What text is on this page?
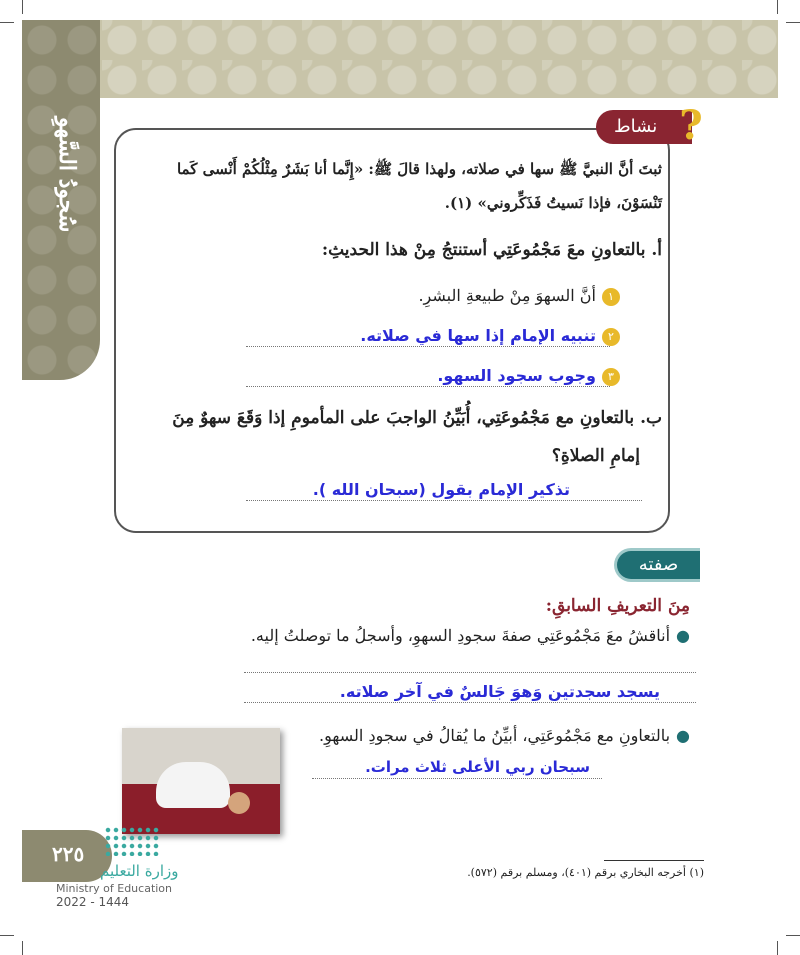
سُجودُ السَّهوِ	نشاط ?
ثبتَ أنَّ النبيَّ ﷺ سها في صلاته، ولهذا قالَ ﷺ: «إِنَّما أنا بَشَرٌ مِثْلُكُمْ أَنْسى كَما
تَنْسَوْنَ، فإذا نَسيتُ فَذَكِّروني» (١).
أ. بالتعاونِ معَ مَجْمُوعَتِي أستنتجُ مِنْ هذا الحديثِ:
١أنَّ السهوَ مِنْ طبيعةِ البشرِ.
٢تنبيه الإمام إذا سها في صلاته.
٣وجوب سجود السهو.
ب. بالتعاونِ مع مَجْمُوعَتِي، أُبَيِّنُ الواجبَ على المأمومِ إذا وَقَعَ سهوٌ مِنَ
إمامِ الصلاةِ؟
تذكير الإمام بقول (سبحان الله ).
صفته
مِنَ التعريفِ السابقِ:
●أناقشُ معَ مَجْمُوعَتِي صفةَ سجودِ السهوِ، وأسجلُ ما توصلتُ إليه.
يسجد سجدتين وَهوَ جَالسٌ في آخر صلاته.
●بالتعاونِ مع مَجْمُوعَتِي، أبيِّنُ ما يُقالُ في سجودِ السهوِ.
سبحان ربي الأعلى ثلاث مرات.
(١) أخرجه البخاري برقم (٤٠١)، ومسلم برقم (٥٧٢).
٢٢٥
وزارة التعليم
Ministry of Education
2022 - 1444
